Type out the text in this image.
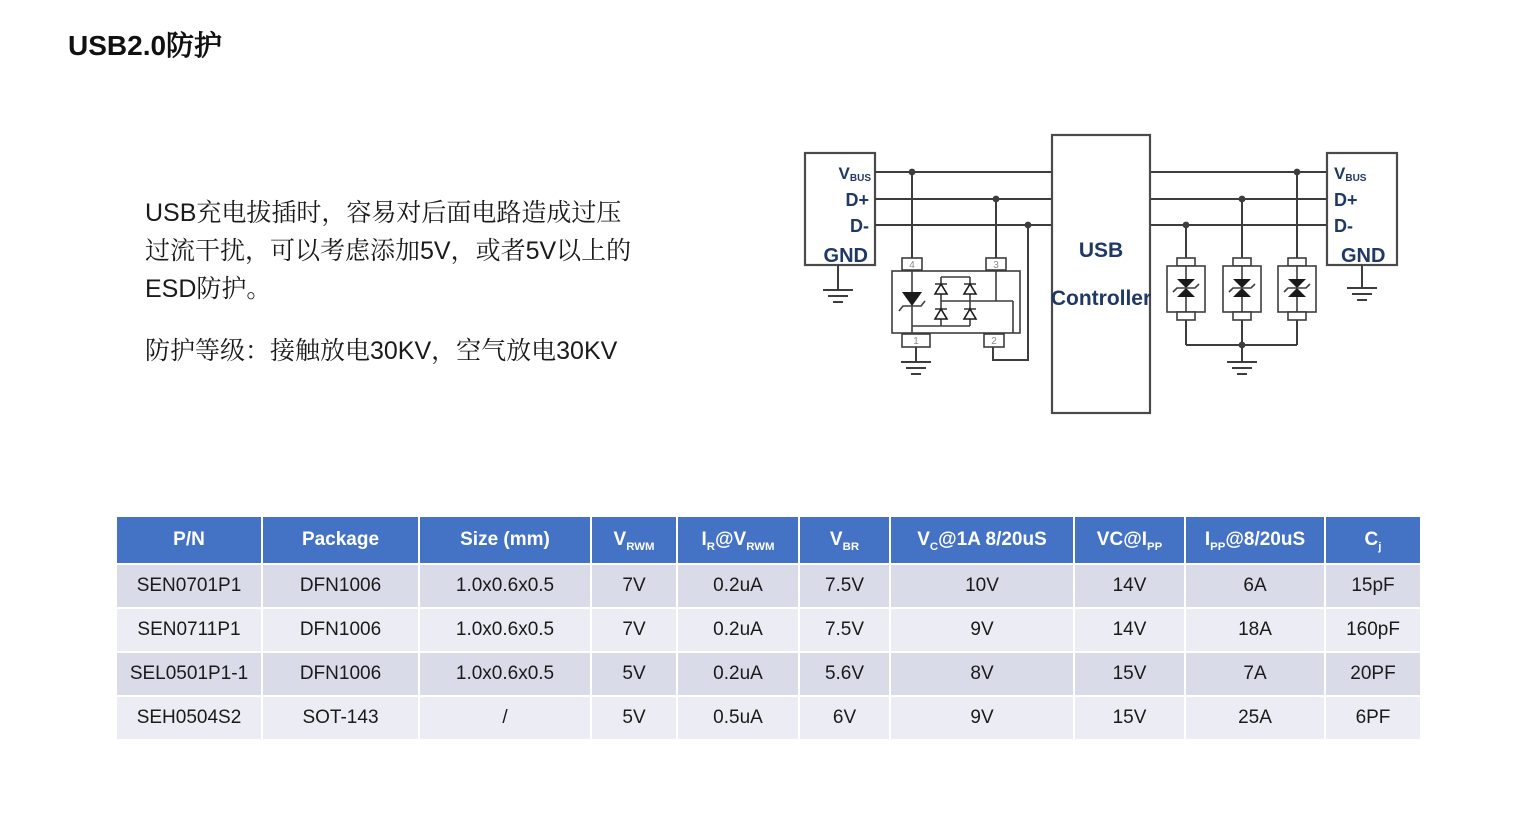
USB2.0防护
USB充电拔插时，容易对后面电路造成过压
过流干扰，可以考虑添加5V，或者5V以上的
ESD防护。
防护等级：接触放电30KV，空气放电30KV
VBUS
D+
D-
GND	4	3
1	2
USB
Controller
VBUS
D+
D-
GND
P/N	Package	Size (mm)	$V_{RWM}$	$I_R@V_{RWM}$	$V_{BR}$	$V_C@1A$ 8/20uS	$VC@I_{PP}$	$I_{PP}@8/20uS$	$C_j$
SEN0701P1	DFN1006	1.0x0.6x0.5	7V	0.2uA	7.5V	10V	14V	6A	15pF
SEN0711P1	DFN1006	1.0x0.6x0.5	7V	0.2uA	7.5V	9V	14V	18A	160pF
SEL0501P1-1	DFN1006	1.0x0.6x0.5	5V	0.2uA	5.6V	8V	15V	7A	20PF
SEH0504S2	SOT-143	/	5V	0.5uA	6V	9V	15V	25A	6PF
